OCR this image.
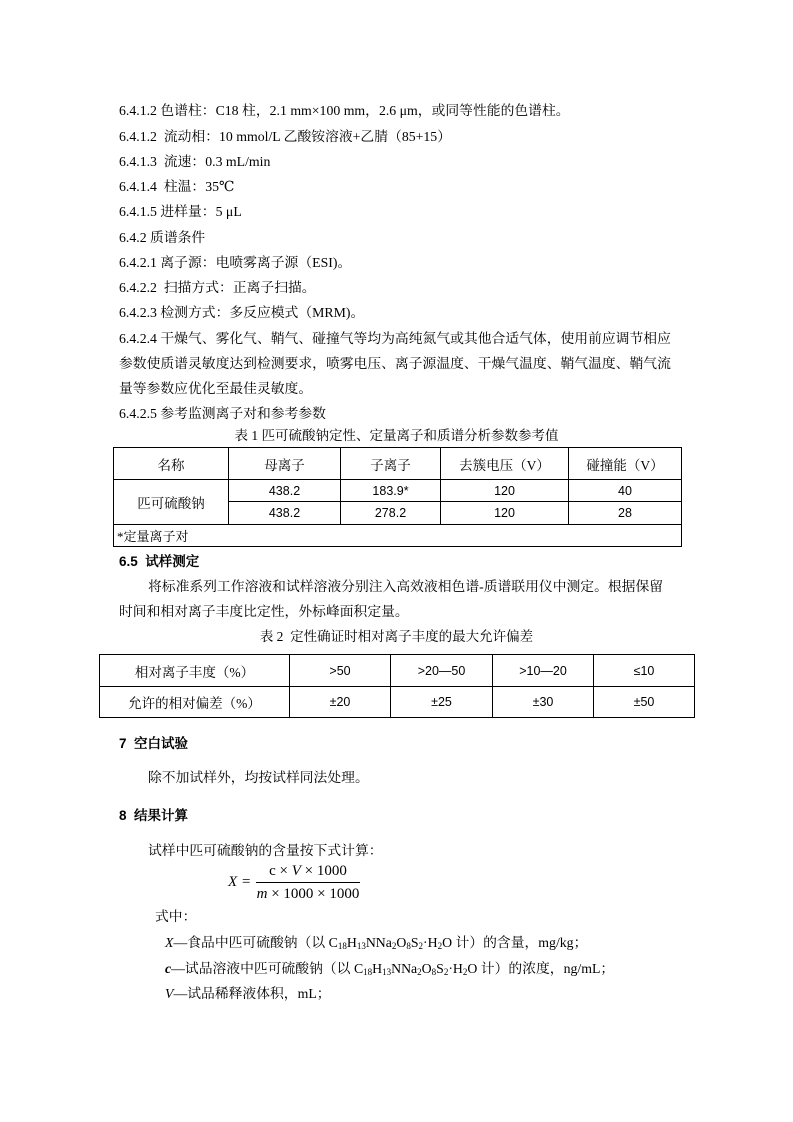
6.4.1.2 色谱柱：C18 柱，2.1 mm×100 mm，2.6 μm，或同等性能的色谱柱。
6.4.1.2  流动相：10 mmol/L 乙酸铵溶液+乙腈（85+15）
6.4.1.3  流速：0.3 mL/min
6.4.1.4  柱温：35℃
6.4.1.5 进样量：5 μL
6.4.2 质谱条件
6.4.2.1 离子源：电喷雾离子源（ESI)。
6.4.2.2  扫描方式：正离子扫描。
6.4.2.3 检测方式：多反应模式（MRM)。
6.4.2.4 干燥气、雾化气、鞘气、碰撞气等均为高纯氮气或其他合适气体，使用前应调节相应
参数使质谱灵敏度达到检测要求，喷雾电压、离子源温度、干燥气温度、鞘气温度、鞘气流
量等参数应优化至最佳灵敏度。
6.4.2.5 参考监测离子对和参考参数
表 1 匹可硫酸钠定性、定量离子和质谱分析参数参考值
名称	母离子	子离子	去簇电压（V）	碰撞能（V）
匹可硫酸钠	438.2	183.9*	120	40
	438.2	278.2	120	28
*定量离子对				
6.5  试样测定
将标准系列工作溶液和试样溶液分别注入高效液相色谱-质谱联用仪中测定。根据保留
时间和相对离子丰度比定性，外标峰面积定量。
表 2  定性确证时相对离子丰度的最大允许偏差
相对离子丰度（%）	>50	>20—50	>10—20	≤10
允许的相对偏差（%）	±20	±25	±30	±50
7  空白试验
除不加试样外，均按试样同法处理。
8  结果计算
试样中匹可硫酸钠的含量按下式计算：
$X = \frac{c \times V \times 1000}{m \times 1000 \times 1000}$
式中：
X—食品中匹可硫酸钠（以 $C_{18}H_{13}NNa_2O_8S_2\cdot H_2O$ 计）的含量，mg/kg；
c—试品溶液中匹可硫酸钠（以 $C_{18}H_{13}NNa_2O_8S_2\cdot H_2O$ 计）的浓度，ng/mL；
V—试品稀释液体积，mL；
